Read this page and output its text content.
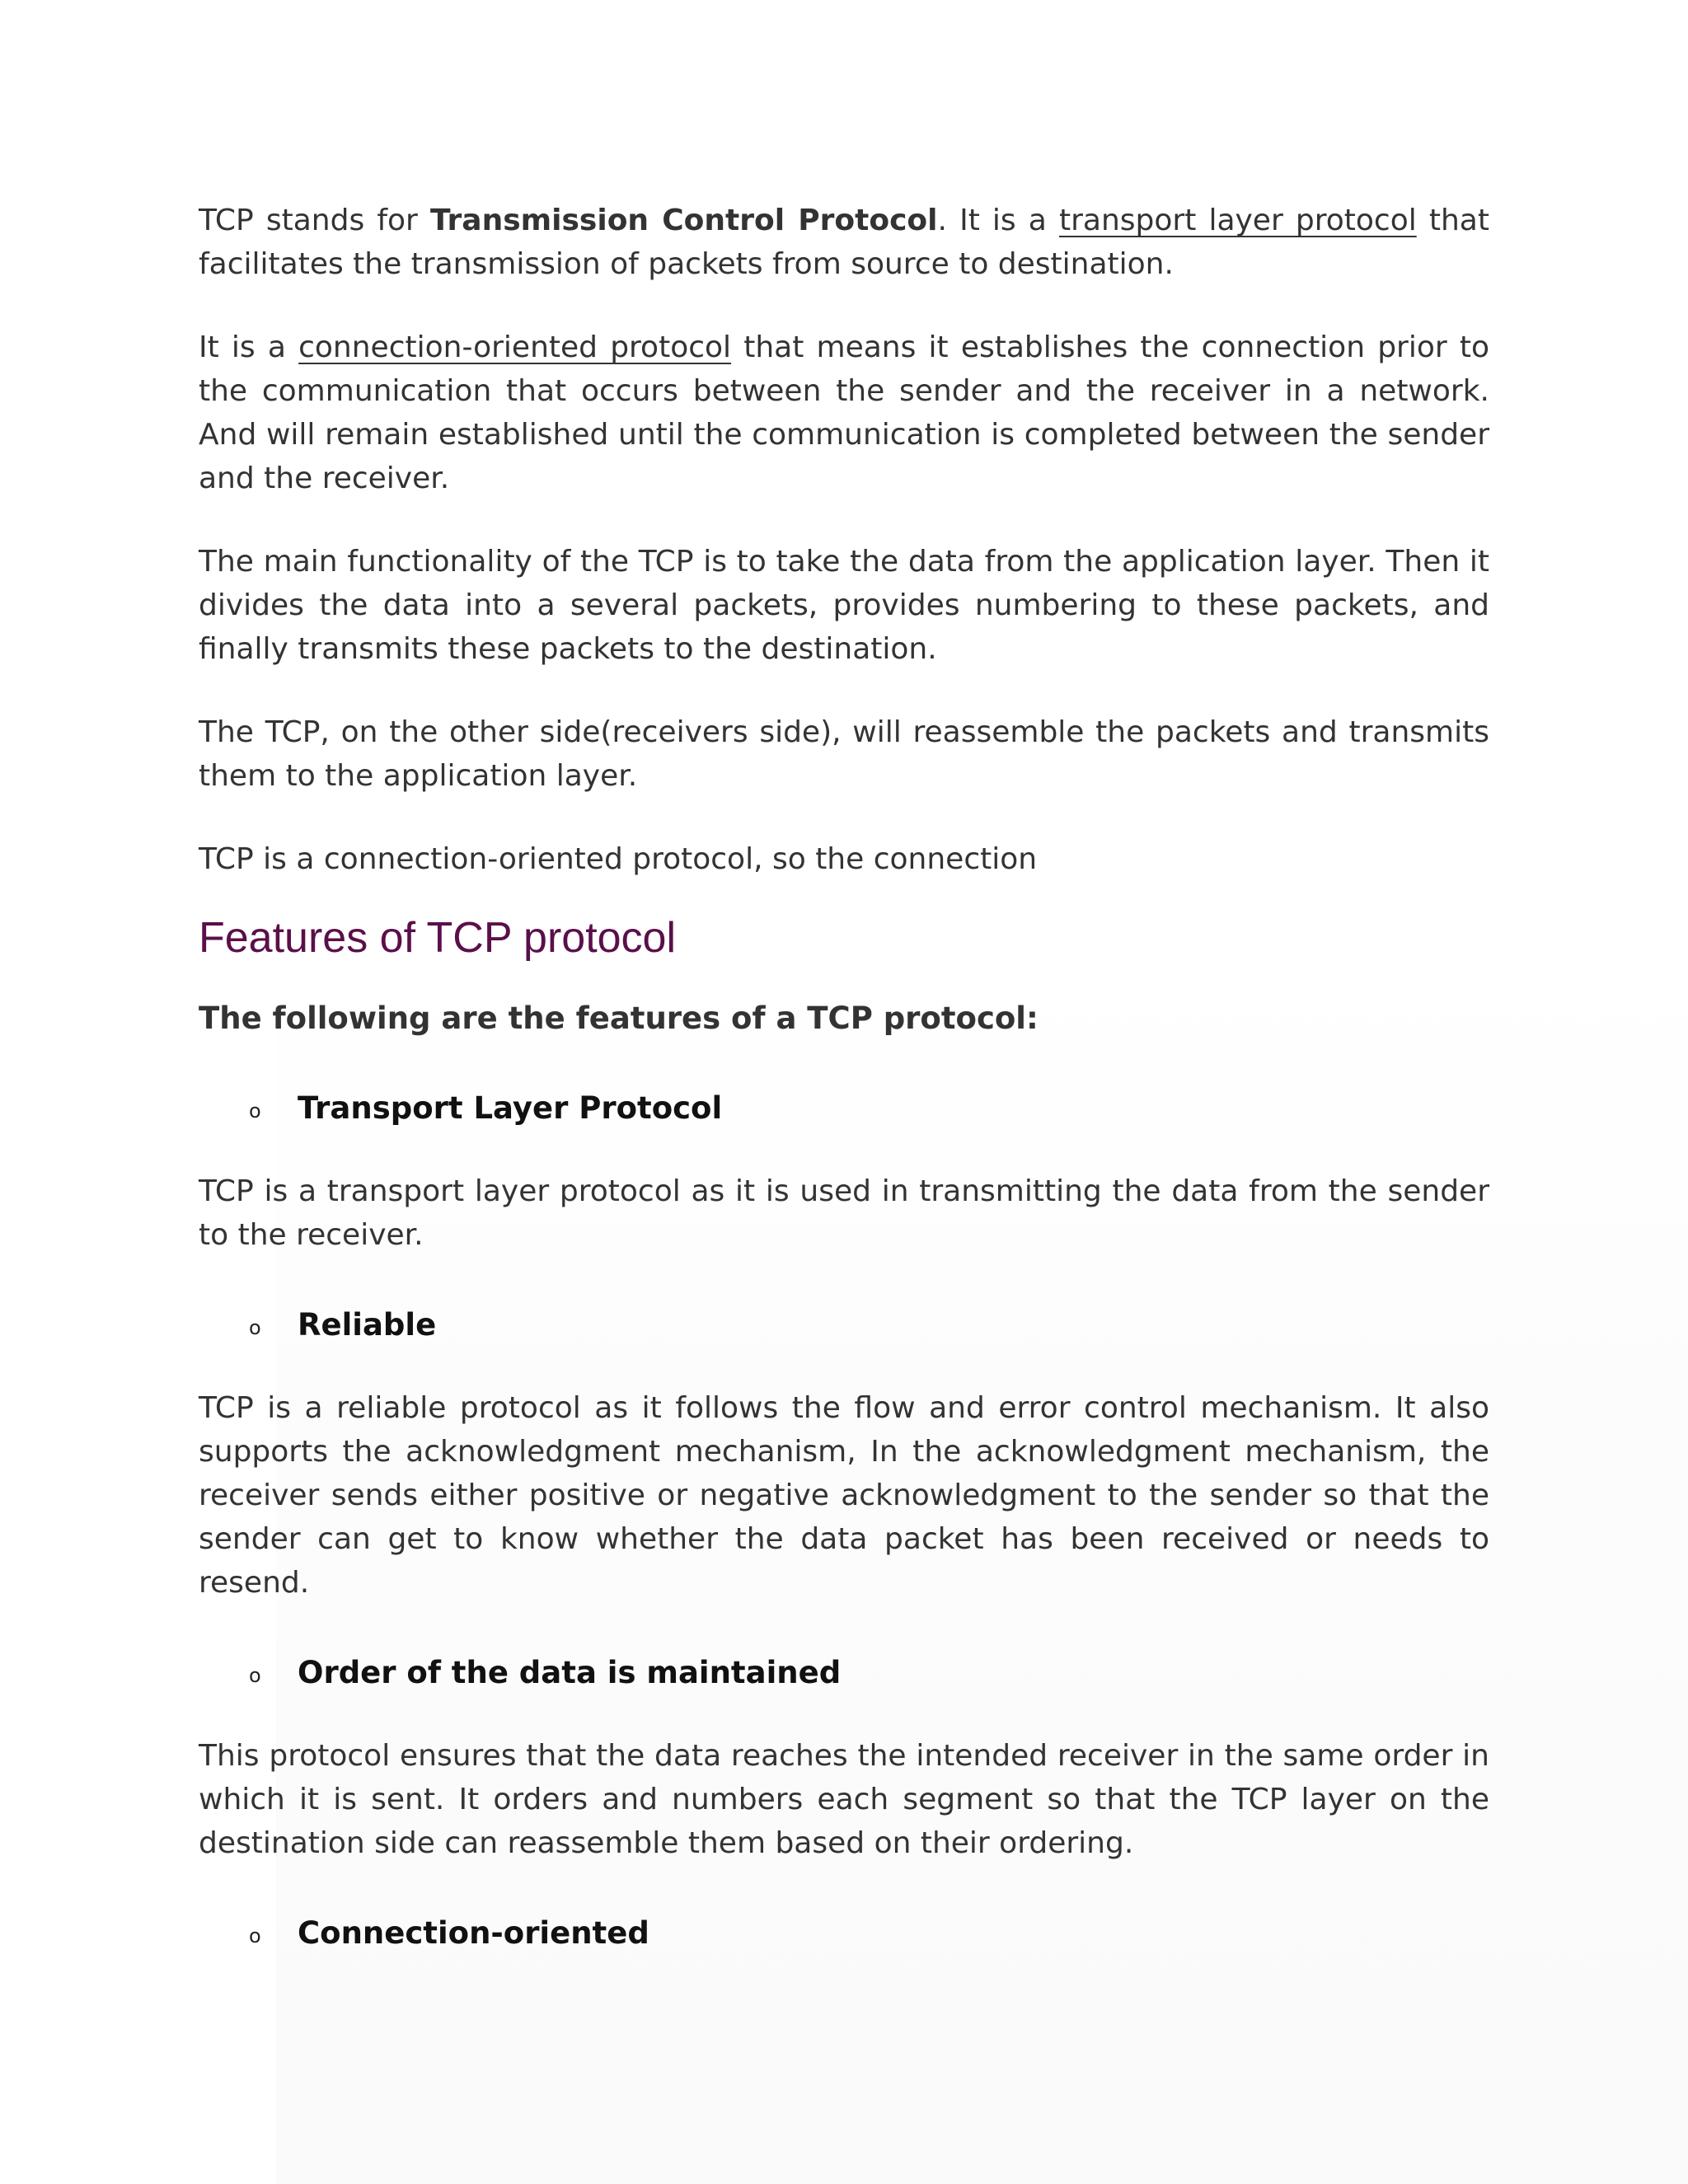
TCP stands for Transmission Control Protocol. It is a transport layer protocol that facilitates the transmission of packets from source to destination.

It is a connection-oriented protocol that means it establishes the connection prior to the communication that occurs between the sender and the receiver in a network. And will remain established until the communication is completed between the sender and the receiver.

The main functionality of the TCP is to take the data from the application layer. Then it divides the data into a several packets, provides numbering to these packets, and finally transmits these packets to the destination.

The TCP, on the other side(receivers side), will reassemble the packets and transmits them to the application layer.

TCP is a connection-oriented protocol, so the connection

Features of TCP protocol

The following are the features of a TCP protocol:

o Transport Layer Protocol

TCP is a transport layer protocol as it is used in transmitting the data from the sender to the receiver.

o Reliable

TCP is a reliable protocol as it follows the flow and error control mechanism. It also supports the acknowledgment mechanism, In the acknowledgment mechanism, the receiver sends either positive or negative acknowledgment to the sender so that the sender can get to know whether the data packet has been received or needs to resend.

o Order of the data is maintained

This protocol ensures that the data reaches the intended receiver in the same order in which it is sent. It orders and numbers each segment so that the TCP layer on the destination side can reassemble them based on their ordering.

o Connection-oriented
